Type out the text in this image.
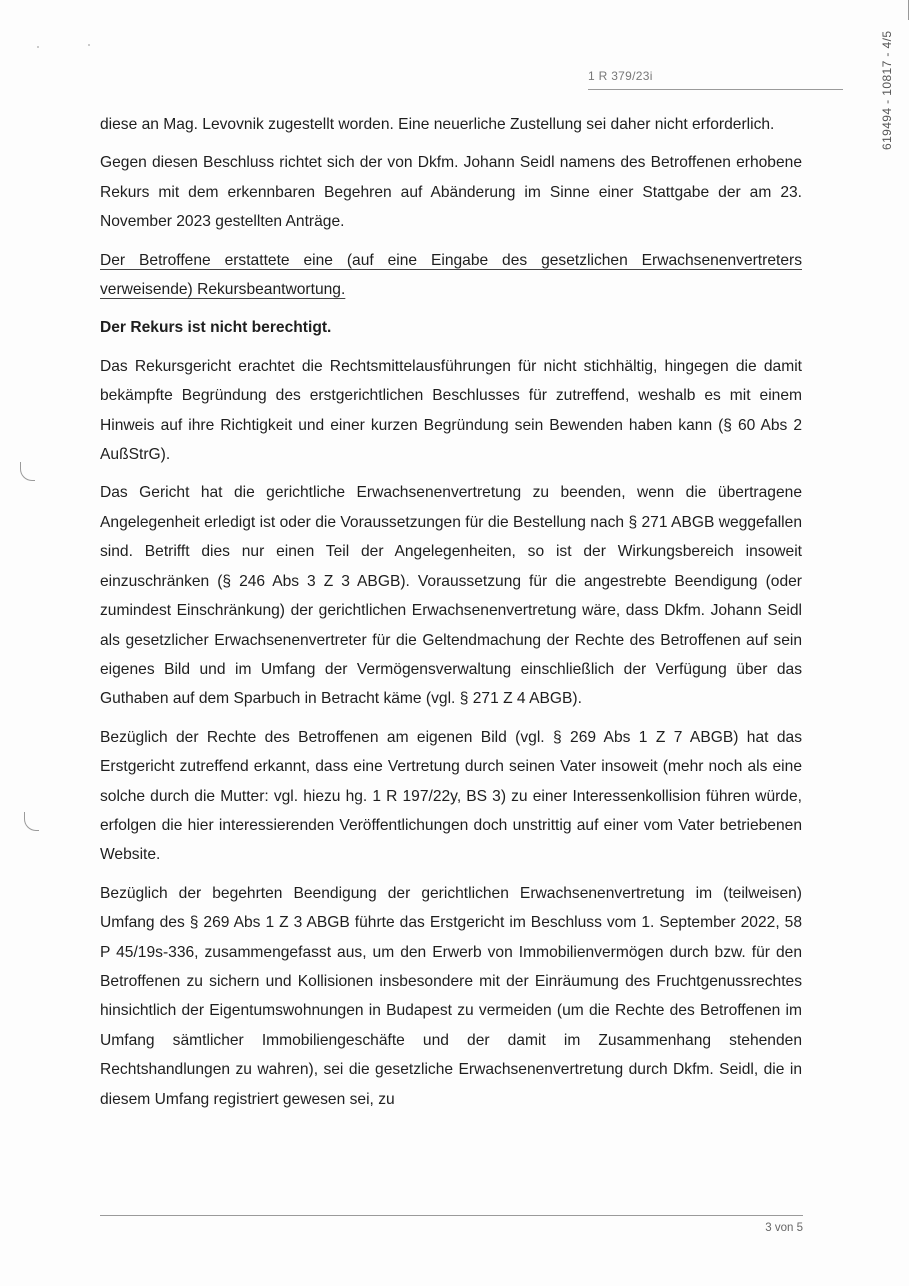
1 R 379/23i	619494 - 10817 - 4/5

diese an Mag. Levovnik zugestellt worden. Eine neuerliche Zustellung sei daher nicht erforderlich.

Gegen diesen Beschluss richtet sich der von Dkfm. Johann Seidl namens des Betroffenen erhobene Rekurs mit dem erkennbaren Begehren auf Abänderung im Sinne einer Stattgabe der am 23. November 2023 gestellten Anträge.

Der Betroffene erstattete eine (auf eine Eingabe des gesetzlichen Erwachsenenvertreters verweisende) Rekursbeantwortung.

Der Rekurs ist nicht berechtigt.

Das Rekursgericht erachtet die Rechtsmittelausführungen für nicht stichhältig, hingegen die damit bekämpfte Begründung des erstgerichtlichen Beschlusses für zutreffend, weshalb es mit einem Hinweis auf ihre Richtigkeit und einer kurzen Begründung sein Bewenden haben kann (§ 60 Abs 2 AußStrG).

Das Gericht hat die gerichtliche Erwachsenenvertretung zu beenden, wenn die übertragene Angelegenheit erledigt ist oder die Voraussetzungen für die Bestellung nach § 271 ABGB weggefallen sind. Betrifft dies nur einen Teil der Angelegenheiten, so ist der Wirkungsbereich insoweit einzuschränken (§ 246 Abs 3 Z 3 ABGB). Voraussetzung für die angestrebte Beendigung (oder zumindest Einschränkung) der gerichtlichen Erwachsenenvertretung wäre, dass Dkfm. Johann Seidl als gesetzlicher Erwachsenenvertreter für die Geltendmachung der Rechte des Betroffenen auf sein eigenes Bild und im Umfang der Vermögensverwaltung einschließlich der Verfügung über das Guthaben auf dem Sparbuch in Betracht käme (vgl. § 271 Z 4 ABGB).

Bezüglich der Rechte des Betroffenen am eigenen Bild (vgl. § 269 Abs 1 Z 7 ABGB) hat das Erstgericht zutreffend erkannt, dass eine Vertretung durch seinen Vater insoweit (mehr noch als eine solche durch die Mutter: vgl. hiezu hg. 1 R 197/22y, BS 3) zu einer Interessenkollision führen würde, erfolgen die hier interessierenden Veröffentlichungen doch unstrittig auf einer vom Vater betriebenen Website.

Bezüglich der begehrten Beendigung der gerichtlichen Erwachsenenvertretung im (teilweisen) Umfang des § 269 Abs 1 Z 3 ABGB führte das Erstgericht im Beschluss vom 1. September 2022, 58 P 45/19s-336, zusammengefasst aus, um den Erwerb von Immobilienvermögen durch bzw. für den Betroffenen zu sichern und Kollisionen insbesondere mit der Einräumung des Fruchtgenussrechtes hinsichtlich der Eigentumswohnungen in Budapest zu vermeiden (um die Rechte des Betroffenen im Umfang sämtlicher Immobiliengeschäfte und der damit im Zusammenhang stehenden Rechtshandlungen zu wahren), sei die gesetzliche Erwachsenenvertretung durch Dkfm. Seidl, die in diesem Umfang registriert gewesen sei, zu

3 von 5
